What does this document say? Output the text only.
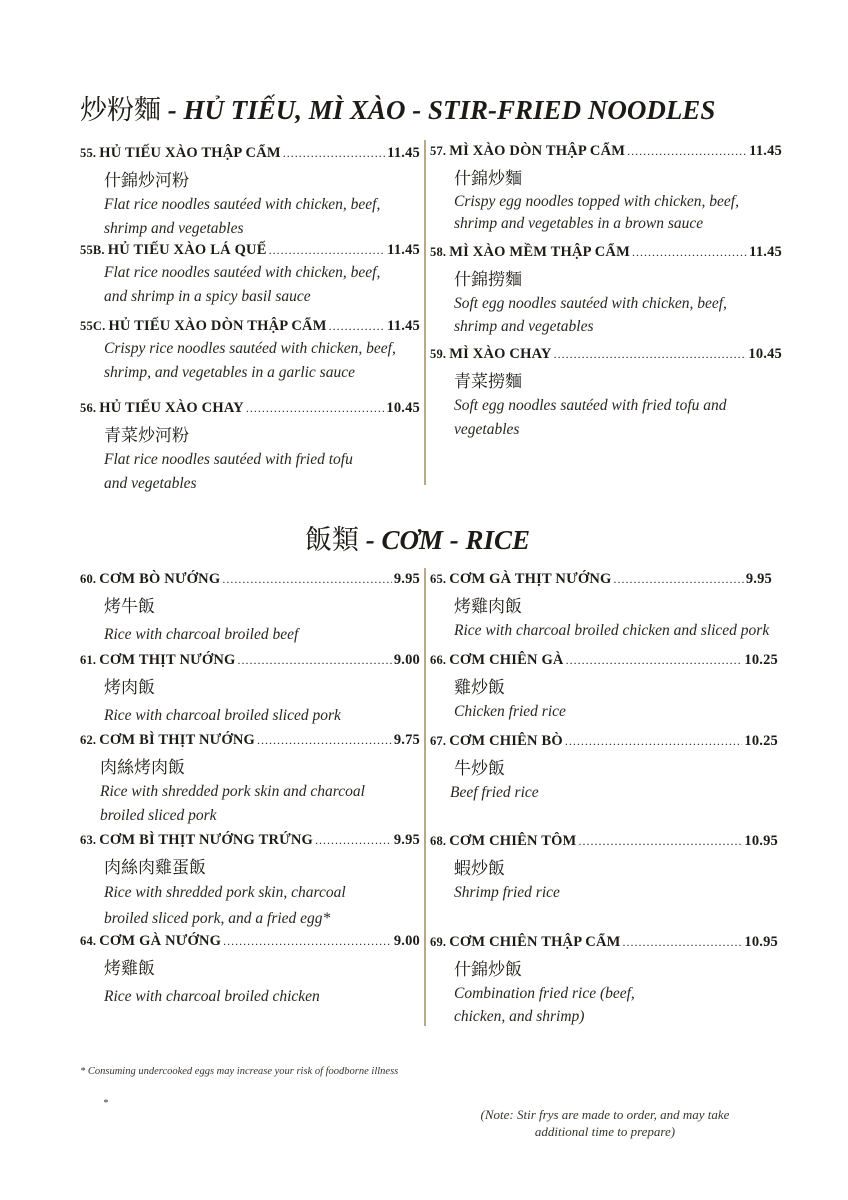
炒粉麵 - HỦ TIẾU, MÌ XÀO - STIR-FRIED NOODLES
55. HỦ TIẾU XÀO THẬP CẨM .....	11.45
什錦炒河粉
Flat rice noodles sautéed with chicken, beef, shrimp and vegetables
55B. HỦ TIẾU XÀO LÁ QUẾ .....	11.45
Flat rice noodles sautéed with chicken, beef, and shrimp in a spicy basil sauce
55C. HỦ TIẾU XÀO DÒN THẬP CẨM .....	11.45
Crispy rice noodles sautéed with chicken, beef, shrimp, and vegetables in a garlic sauce
56. HỦ TIẾU XÀO CHAY .....	10.45
青菜炒河粉
Flat rice noodles sautéed with fried tofu and vegetables
57. MÌ XÀO DÒN THẬP CẨM .....	11.45
什錦炒麵
Crispy egg noodles topped with chicken, beef, shrimp and vegetables in a brown sauce
58. MÌ XÀO MỀM THẬP CẨM .....	11.45
什錦撈麵
Soft egg noodles sautéed with chicken, beef, shrimp and vegetables
59. MÌ XÀO CHAY .....	10.45
青菜撈麵
Soft egg noodles sautéed with fried tofu and vegetables
飯類 - CƠM - RICE
60. CƠM BÒ NƯỚNG .....	9.95
烤牛飯
Rice with charcoal broiled beef
61. CƠM THỊT NƯỚNG .....	9.00
烤肉飯
Rice with charcoal broiled sliced pork
62. CƠM BÌ THỊT NƯỚNG .....	9.75
肉絲烤肉飯
Rice with shredded pork skin and charcoal broiled sliced pork
63. CƠM BÌ THỊT NƯỚNG TRỨNG .....	9.95
肉絲肉雞蛋飯
Rice with shredded pork skin, charcoal broiled sliced pork, and a fried egg*
64. CƠM GÀ NƯỚNG .....	9.00
烤雞飯
Rice with charcoal broiled chicken
65. CƠM GÀ THỊT NƯỚNG .....	9.95
烤雞肉飯
Rice with charcoal broiled chicken and sliced pork
66. CƠM CHIÊN GÀ .....	10.25
雞炒飯
Chicken fried rice
67. CƠM CHIÊN BÒ .....	10.25
牛炒飯
Beef fried rice
68. CƠM CHIÊN TÔM .....	10.95
蝦炒飯
Shrimp fried rice
69. CƠM CHIÊN THẬP CẨM .....	10.95
什錦炒飯
Combination fried rice (beef, chicken, and shrimp)
* Consuming undercooked eggs may increase your risk of foodborne illness
*
(Note: Stir frys are made to order, and may take additional time to prepare)
